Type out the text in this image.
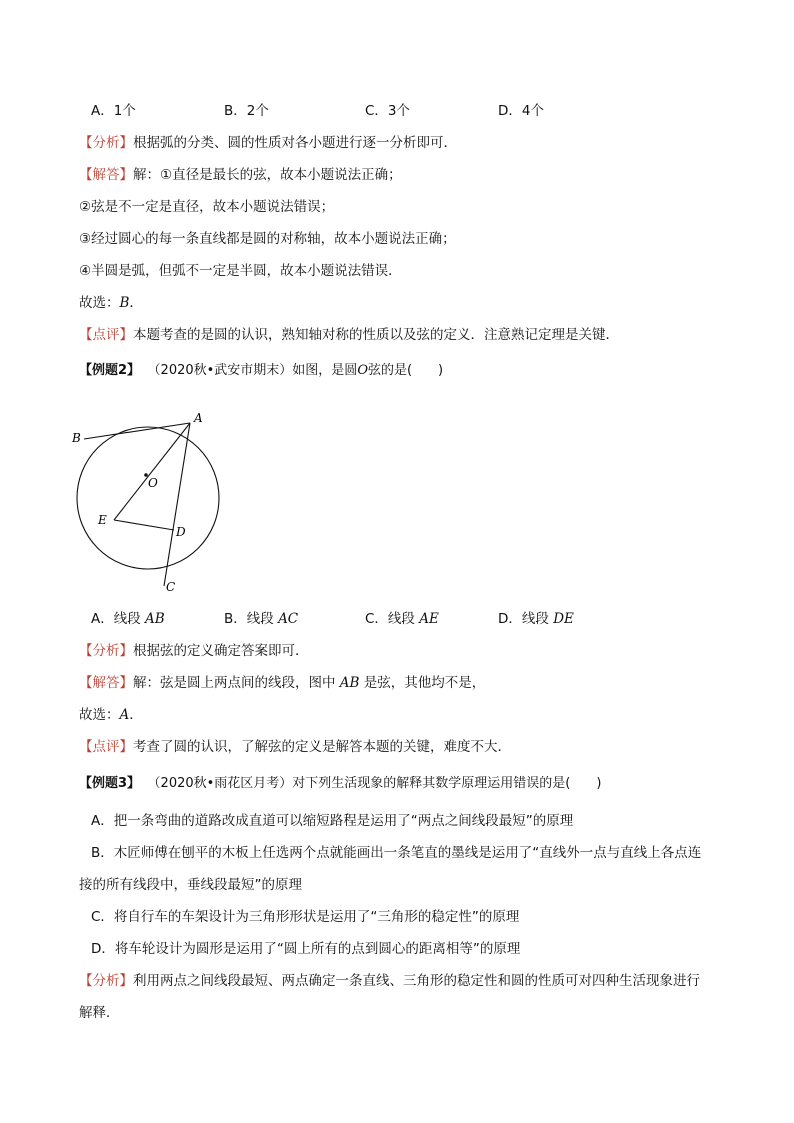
A．1个	B．2个	C．3个	D．4个
【分析】根据弧的分类、圆的性质对各小题进行逐一分析即可．
【解答】解：①直径是最长的弦，故本小题说法正确；
②弦是不一定是直径，故本小题说法错误；
③经过圆心的每一条直线都是圆的对称轴，故本小题说法正确；
④半圆是弧，但弧不一定是半圆，故本小题说法错误．
故选：B．
【点评】本题考查的是圆的认识，熟知轴对称的性质以及弦的定义．注意熟记定理是关键．
【例题2】 （2020秋•武安市期末）如图，是圆O弦的是(　　)
A
B
O
E
D
C
A．线段 AB	B．线段 AC	C．线段 AE	D．线段 DE
【分析】根据弦的定义确定答案即可．
【解答】解：弦是圆上两点间的线段，图中 AB 是弦，其他均不是，
故选：A．
【点评】考查了圆的认识，了解弦的定义是解答本题的关键，难度不大．
【例题3】 （2020秋•雨花区月考）对下列生活现象的解释其数学原理运用错误的是(　　)
A．把一条弯曲的道路改成直道可以缩短路程是运用了“两点之间线段最短”的原理
B．木匠师傅在刨平的木板上任选两个点就能画出一条笔直的墨线是运用了“直线外一点与直线上各点连
接的所有线段中，垂线段最短”的原理
C．将自行车的车架设计为三角形形状是运用了“三角形的稳定性”的原理
D．将车轮设计为圆形是运用了“圆上所有的点到圆心的距离相等”的原理
【分析】利用两点之间线段最短、两点确定一条直线、三角形的稳定性和圆的性质可对四种生活现象进行
解释．
